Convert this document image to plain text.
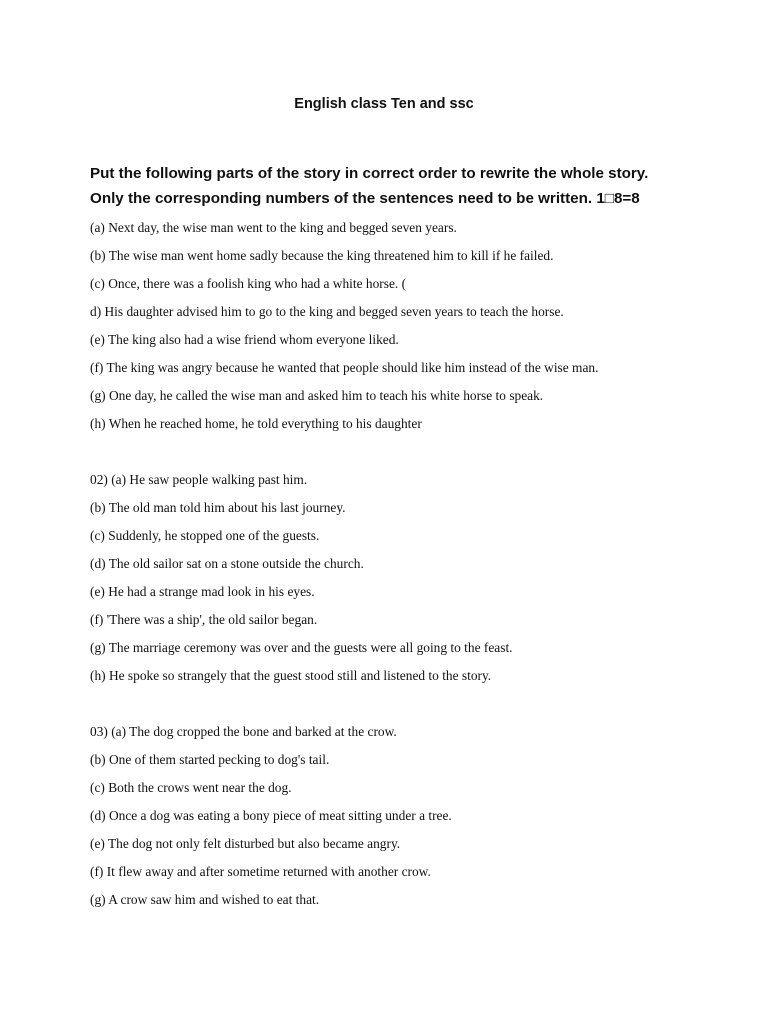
English class Ten and ssc

Put the following parts of the story in correct order to rewrite the whole story.

Only the corresponding numbers of the sentences need to be written. 1□8=8

(a) Next day, the wise man went to the king and begged seven years.

(b) The wise man went home sadly because the king threatened him to kill if he failed.

(c) Once, there was a foolish king who had a white horse. (

d) His daughter advised him to go to the king and begged seven years to teach the horse.

(e) The king also had a wise friend whom everyone liked.

(f) The king was angry because he wanted that people should like him instead of the wise man.

(g) One day, he called the wise man and asked him to teach his white horse to speak.

(h) When he reached home, he told everything to his daughter

02) (a) He saw people walking past him.

(b) The old man told him about his last journey.

(c) Suddenly, he stopped one of the guests.

(d) The old sailor sat on a stone outside the church.

(e) He had a strange mad look in his eyes.

(f) 'There was a ship', the old sailor began.

(g) The marriage ceremony was over and the guests were all going to the feast.

(h) He spoke so strangely that the guest stood still and listened to the story.

03) (a) The dog cropped the bone and barked at the crow.

(b) One of them started pecking to dog's tail.

(c) Both the crows went near the dog.

(d) Once a dog was eating a bony piece of meat sitting under a tree.

(e) The dog not only felt disturbed but also became angry.

(f) It flew away and after sometime returned with another crow.

(g) A crow saw him and wished to eat that.
